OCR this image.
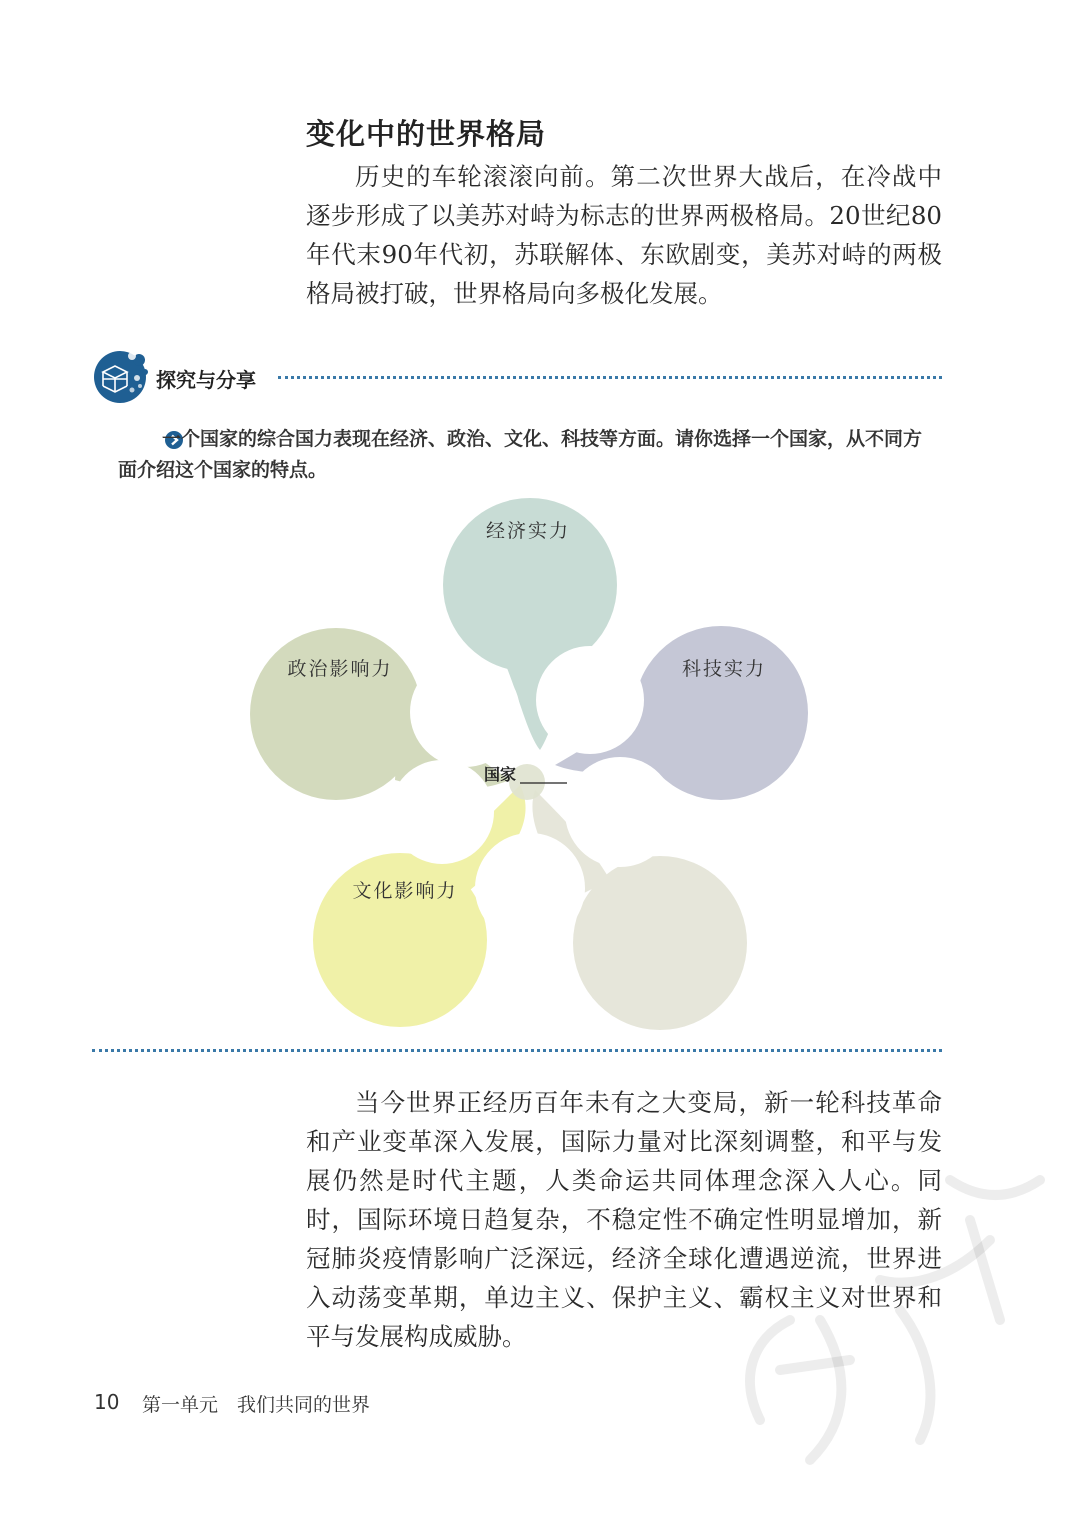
变化中的世界格局
历史的车轮滚滚向前。第二次世界大战后，在冷战中逐步形成了以美苏对峙为标志的世界两极格局。20世纪80年代末90年代初，苏联解体、东欧剧变，美苏对峙的两极格局被打破，世界格局向多极化发展。
探究与分享
一个国家的综合国力表现在经济、政治、文化、科技等方面。请你选择一个国家，从不同方面介绍这个国家的特点。
经济实力
科技实力
政治影响力
文化影响力
国家
当今世界正经历百年未有之大变局，新一轮科技革命和产业变革深入发展，国际力量对比深刻调整，和平与发展仍然是时代主题，人类命运共同体理念深入人心。同时，国际环境日趋复杂，不稳定性不确定性明显增加，新冠肺炎疫情影响广泛深远，经济全球化遭遇逆流，世界进入动荡变革期，单边主义、保护主义、霸权主义对世界和平与发展构成威胁。
10 第一单元　我们共同的世界
